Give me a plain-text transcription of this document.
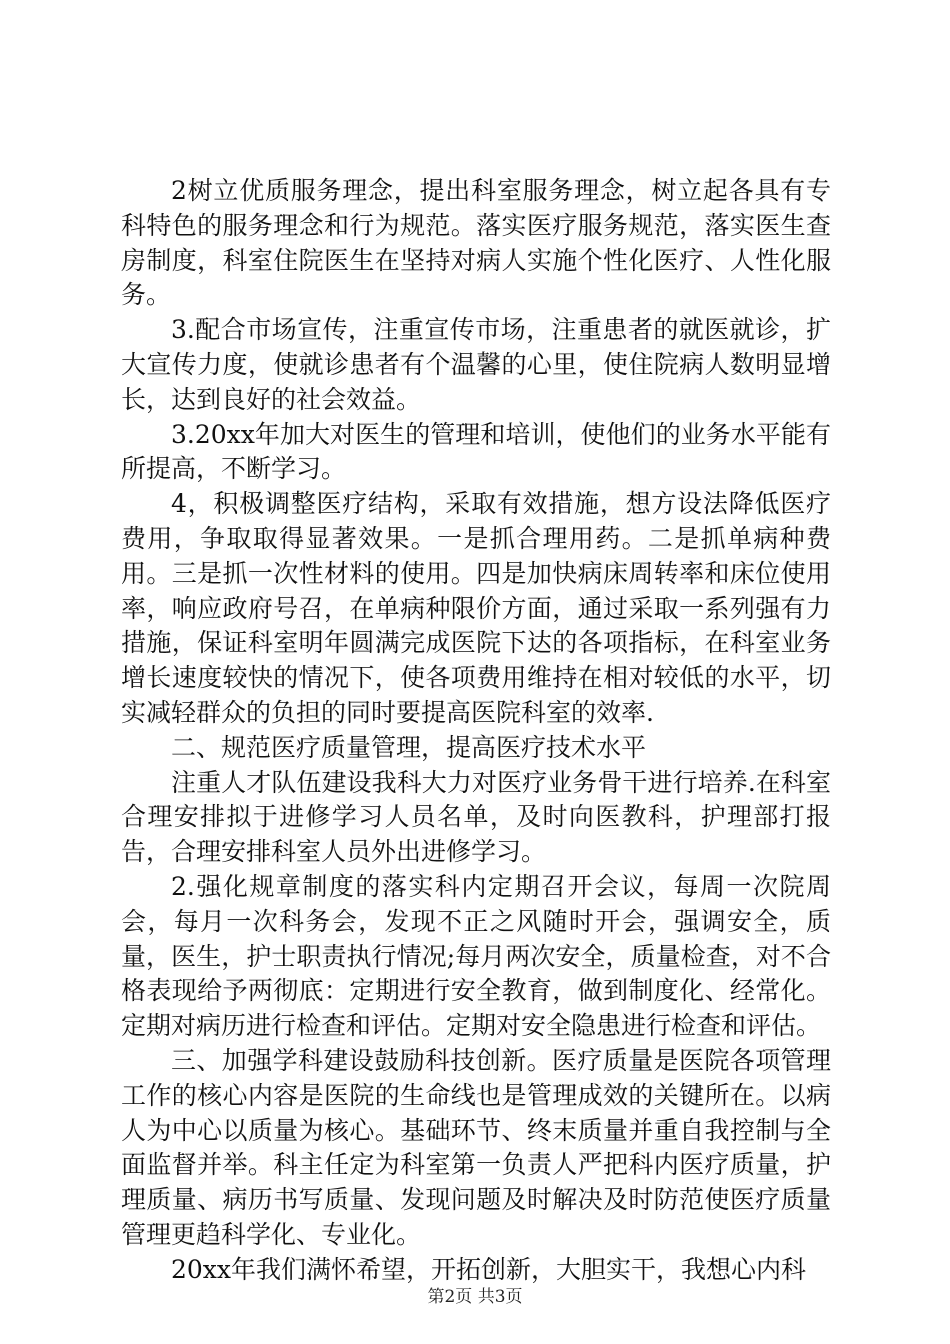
2树立优质服务理念，提出科室服务理念，树立起各具有专科特色的服务理念和行为规范。落实医疗服务规范，落实医生查房制度，科室住院医生在坚持对病人实施个性化医疗、人性化服务。

3.配合市场宣传，注重宣传市场，注重患者的就医就诊，扩大宣传力度，使就诊患者有个温馨的心里，使住院病人数明显增长，达到良好的社会效益。

3.20xx年加大对医生的管理和培训，使他们的业务水平能有所提高，不断学习。

4，积极调整医疗结构，采取有效措施，想方设法降低医疗费用，争取取得显著效果。一是抓合理用药。二是抓单病种费用。三是抓一次性材料的使用。四是加快病床周转率和床位使用率，响应政府号召，在单病种限价方面，通过采取一系列强有力措施，保证科室明年圆满完成医院下达的各项指标，在科室业务增长速度较快的情况下，使各项费用维持在相对较低的水平，切实减轻群众的负担的同时要提高医院科室的效率.

二、规范医疗质量管理，提高医疗技术水平

注重人才队伍建设我科大力对医疗业务骨干进行培养.在科室合理安排拟于进修学习人员名单，及时向医教科，护理部打报告，合理安排科室人员外出进修学习。

2.强化规章制度的落实科内定期召开会议，每周一次院周会，每月一次科务会，发现不正之风随时开会，强调安全，质量，医生，护士职责执行情况;每月两次安全，质量检查，对不合格表现给予两彻底：定期进行安全教育，做到制度化、经常化。定期对病历进行检查和评估。定期对安全隐患进行检查和评估。

三、加强学科建设鼓励科技创新。医疗质量是医院各项管理工作的核心内容是医院的生命线也是管理成效的关键所在。以病人为中心以质量为核心。基础环节、终末质量并重自我控制与全面监督并举。科主任定为科室第一负责人严把科内医疗质量，护理质量、病历书写质量、发现问题及时解决及时防范使医疗质量管理更趋科学化、专业化。

20xx年我们满怀希望，开拓创新，大胆实干，我想心内科

第2页 共3页
